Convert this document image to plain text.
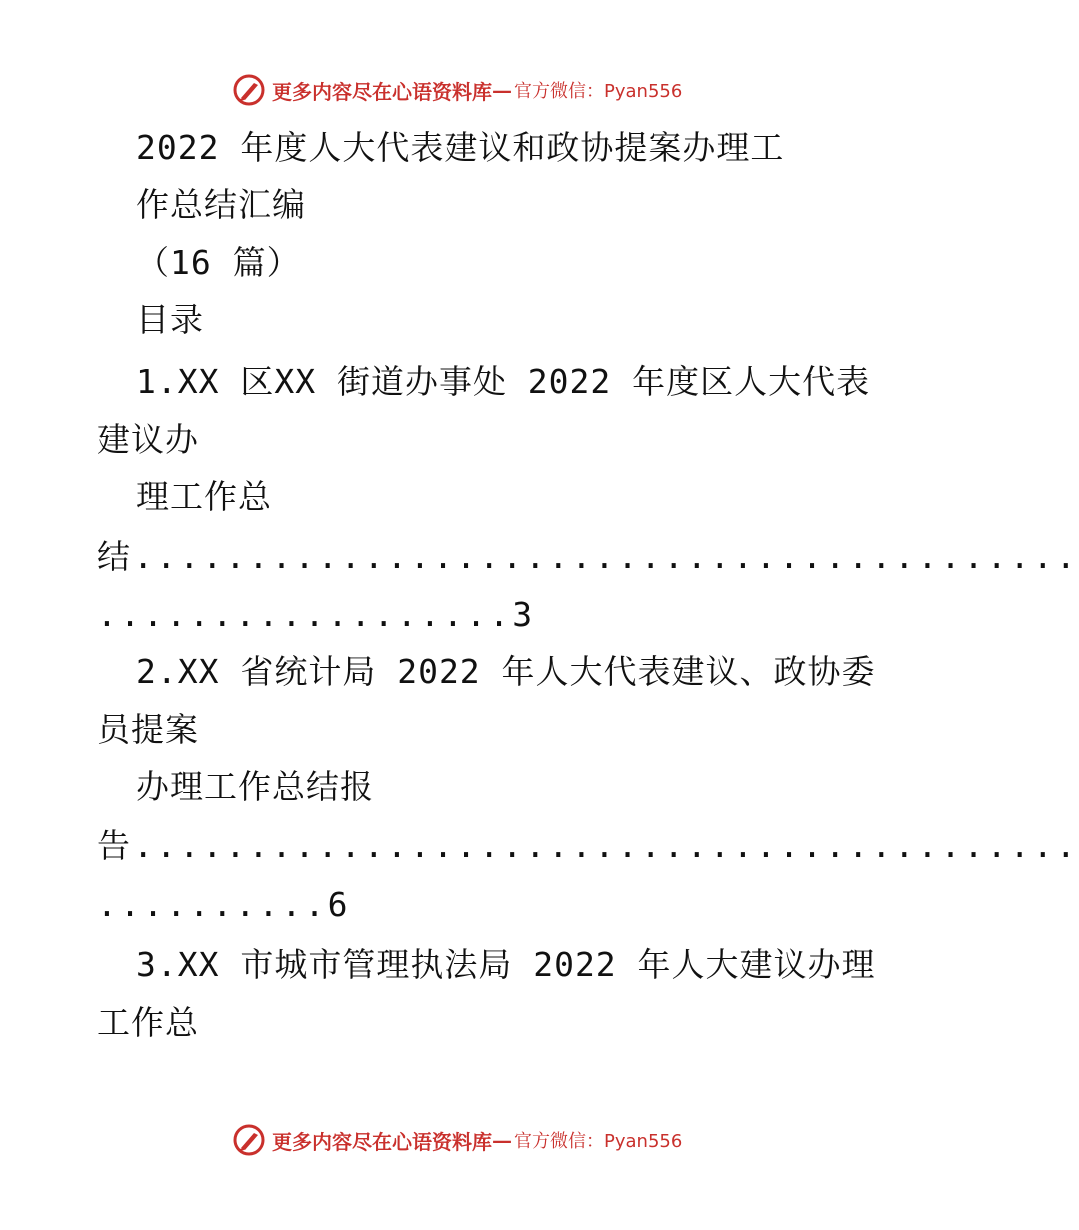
更多内容尽在心语资料库 — 官方微信：Pyan556
2022 年度人大代表建议和政协提案办理工
作总结汇编
（16 篇）
目录
1.XX 区XX 街道办事处 2022 年度区人大代表
建议办
理工作总
结.........................................
..................3
2.XX 省统计局 2022 年人大代表建议、政协委
员提案
办理工作总结报
告.........................................
..........6
3.XX 市城市管理执法局 2022 年人大建议办理
工作总
更多内容尽在心语资料库 — 官方微信：Pyan556
